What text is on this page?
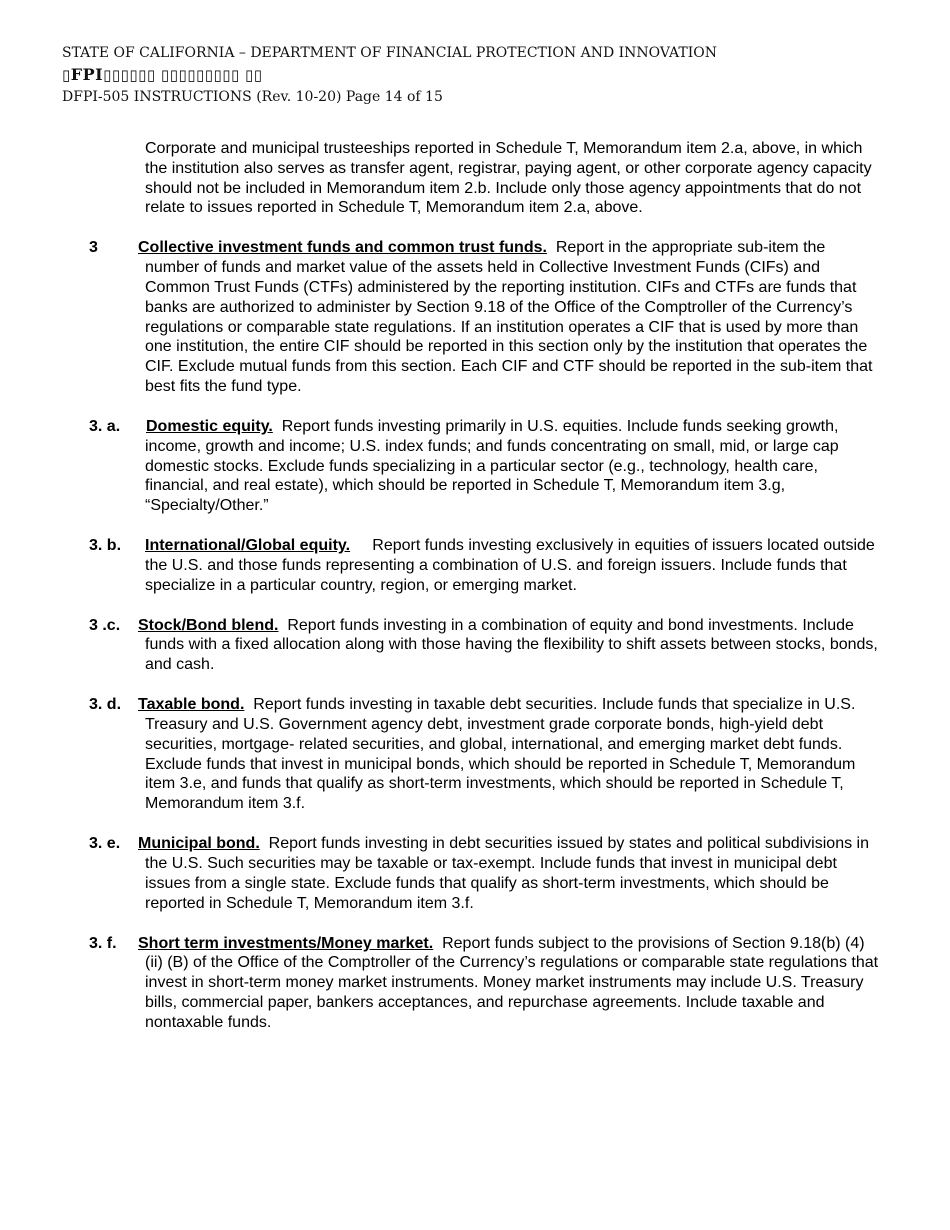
STATE OF CALIFORNIA – DEPARTMENT OF FINANCIAL PROTECTION AND INNOVATION
▯FPI▯▯▯▯▯▯ ▯▯▯▯▯▯▯▯▯ ▯▯
DFPI-505 INSTRUCTIONS (Rev. 10-20) Page 14 of 15
Corporate and municipal trusteeships reported in Schedule T, Memorandum item 2.a, above, in which the institution also serves as transfer agent, registrar, paying agent, or other corporate agency capacity should not be included in Memorandum item 2.b. Include only those agency appointments that do not relate to issues reported in Schedule T, Memorandum item 2.a, above.
3	Collective investment funds and common trust funds. Report in the appropriate sub-item the number of funds and market value of the assets held in Collective Investment Funds (CIFs) and Common Trust Funds (CTFs) administered by the reporting institution. CIFs and CTFs are funds that banks are authorized to administer by Section 9.18 of the Office of the Comptroller of the Currency’s regulations or comparable state regulations. If an institution operates a CIF that is used by more than one institution, the entire CIF should be reported in this section only by the institution that operates the CIF. Exclude mutual funds from this section. Each CIF and CTF should be reported in the sub-item that best fits the fund type.
3. a. Domestic equity. Report funds investing primarily in U.S. equities. Include funds seeking growth, income, growth and income; U.S. index funds; and funds concentrating on small, mid, or large cap domestic stocks. Exclude funds specializing in a particular sector (e.g., technology, health care, financial, and real estate), which should be reported in Schedule T, Memorandum item 3.g, “Specialty/Other.”
3. b. International/Global equity. Report funds investing exclusively in equities of issuers located outside the U.S. and those funds representing a combination of U.S. and foreign issuers. Include funds that specialize in a particular country, region, or emerging market.
3 .c. Stock/Bond blend. Report funds investing in a combination of equity and bond investments. Include funds with a fixed allocation along with those having the flexibility to shift assets between stocks, bonds, and cash.
3. d. Taxable bond. Report funds investing in taxable debt securities. Include funds that specialize in U.S. Treasury and U.S. Government agency debt, investment grade corporate bonds, high-yield debt securities, mortgage- related securities, and global, international, and emerging market debt funds. Exclude funds that invest in municipal bonds, which should be reported in Schedule T, Memorandum item 3.e, and funds that qualify as short-term investments, which should be reported in Schedule T, Memorandum item 3.f.
3. e. Municipal bond. Report funds investing in debt securities issued by states and political subdivisions in the U.S. Such securities may be taxable or tax-exempt. Include funds that invest in municipal debt issues from a single state. Exclude funds that qualify as short-term investments, which should be reported in Schedule T, Memorandum item 3.f.
3. f. Short term investments/Money market. Report funds subject to the provisions of Section 9.18(b) (4) (ii) (B) of the Office of the Comptroller of the Currency’s regulations or comparable state regulations that invest in short-term money market instruments. Money market instruments may include U.S. Treasury bills, commercial paper, bankers acceptances, and repurchase agreements. Include taxable and nontaxable funds.
